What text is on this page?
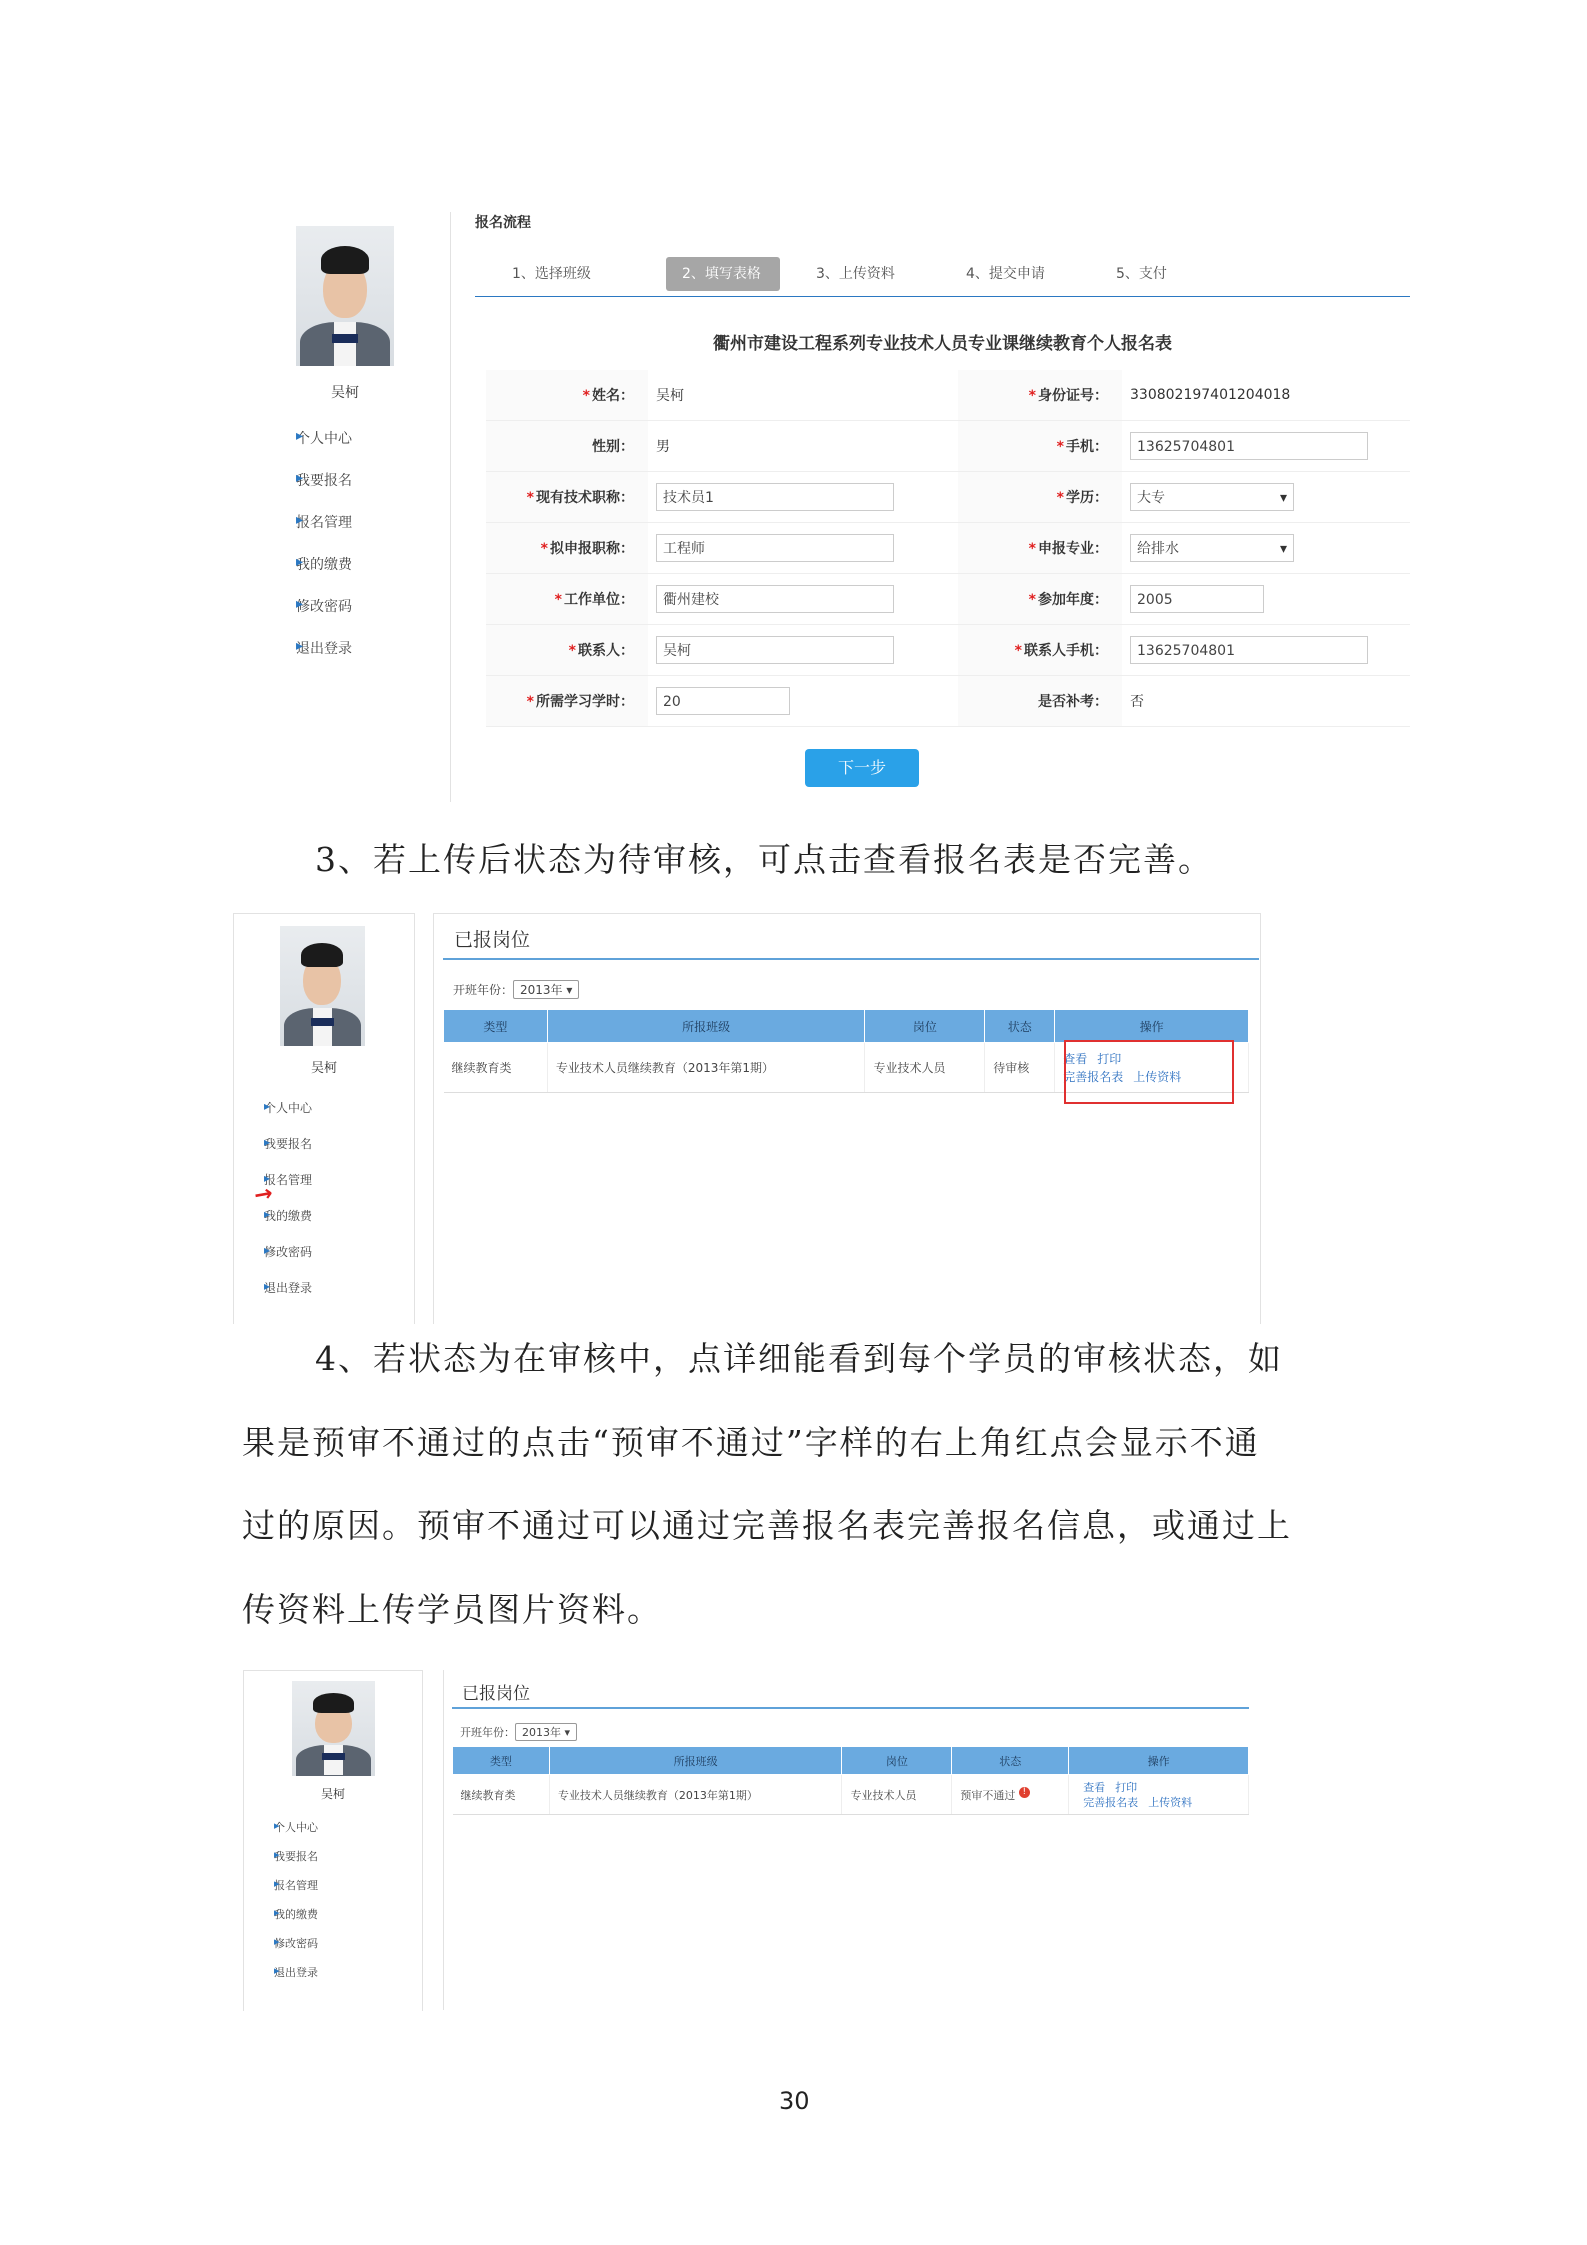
吴柯
▸ 个人中心
▸ 我要报名
▸ 报名管理
▸ 我的缴费
▸ 修改密码
▸ 退出登录
报名流程
1、选择班级	2、填写表格	3、上传资料	4、提交申请	5、支付
衢州市建设工程系列专业技术人员专业课继续教育个人报名表
* 姓名：	吴柯	* 身份证号：	330802197401204018
性别：	男	* 手机：	13625704801
* 现有技术职称：	技术员1	* 学历：	大专 ▾
* 拟申报职称：	工程师	* 申报专业：	给排水 ▾
* 工作单位：	衢州建校	* 参加年度：	2005
* 联系人：	吴柯	* 联系人手机：	13625704801
* 所需学习学时：	20	是否补考：	否
下一步
3、若上传后状态为待审核，可点击查看报名表是否完善。
吴柯
▸ 个人中心
▸ 我要报名
▸ 报名管理
▸ 我的缴费
▸ 修改密码
▸ 退出登录
↗
已报岗位
开班年份： 2013年 ▾
类型	所报班级	岗位	状态	操作
继续教育类	专业技术人员继续教育（2013年第1期）	专业技术人员	待审核	查看 打印
完善报名表 上传资料
4、若状态为在审核中，点详细能看到每个学员的审核状态，如
果是预审不通过的点击“预审不通过”字样的右上角红点会显示不通
过的原因。预审不通过可以通过完善报名表完善报名信息，或通过上
传资料上传学员图片资料。
吴柯
▸ 个人中心
▸ 我要报名
▸ 报名管理
▸ 我的缴费
▸ 修改密码
▸ 退出登录
已报岗位
开班年份： 2013年 ▾
类型	所报班级	岗位	状态	操作
继续教育类	专业技术人员继续教育（2013年第1期）	专业技术人员	预审不通过 !	查看 打印
完善报名表 上传资料
30
